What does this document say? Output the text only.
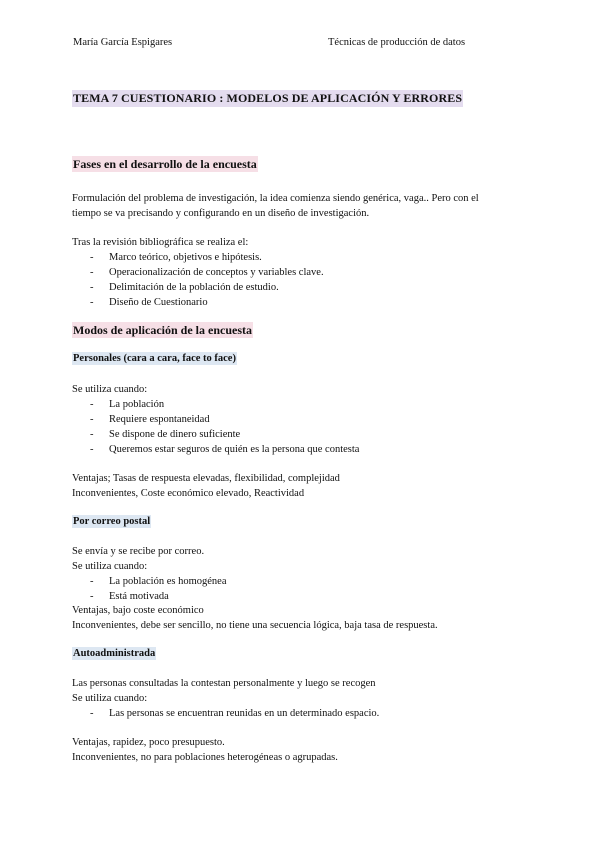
María García Espigares	Técnicas de producción de datos
TEMA 7 CUESTIONARIO : MODELOS DE APLICACIÓN Y ERRORES
Fases en el desarrollo de la encuesta
Formulación del problema de investigación, la idea comienza siendo genérica, vaga.. Pero con el
tiempo se va precisando y configurando en un diseño de investigación.
Tras la revisión bibliográfica se realiza el:
- Marco teórico, objetivos e hipótesis.
- Operacionalización de conceptos y variables clave.
- Delimitación de la población de estudio.
- Diseño de Cuestionario
Modos de aplicación de la encuesta
Personales (cara a cara, face to face)
Se utiliza cuando:
- La población
- Requiere espontaneidad
- Se dispone de dinero suficiente
- Queremos estar seguros de quién es la persona que contesta
Ventajas; Tasas de respuesta elevadas, flexibilidad, complejidad
Inconvenientes, Coste económico elevado, Reactividad
Por correo postal
Se envía y se recibe por correo.
Se utiliza cuando:
- La población es homogénea
- Está motivada
Ventajas, bajo coste económico
Inconvenientes, debe ser sencillo, no tiene una secuencia lógica, baja tasa de respuesta.
Autoadministrada
Las personas consultadas la contestan personalmente y luego se recogen
Se utiliza cuando:
- Las personas se encuentran reunidas en un determinado espacio.
Ventajas, rapidez, poco presupuesto.
Inconvenientes, no para poblaciones heterogéneas o agrupadas.
